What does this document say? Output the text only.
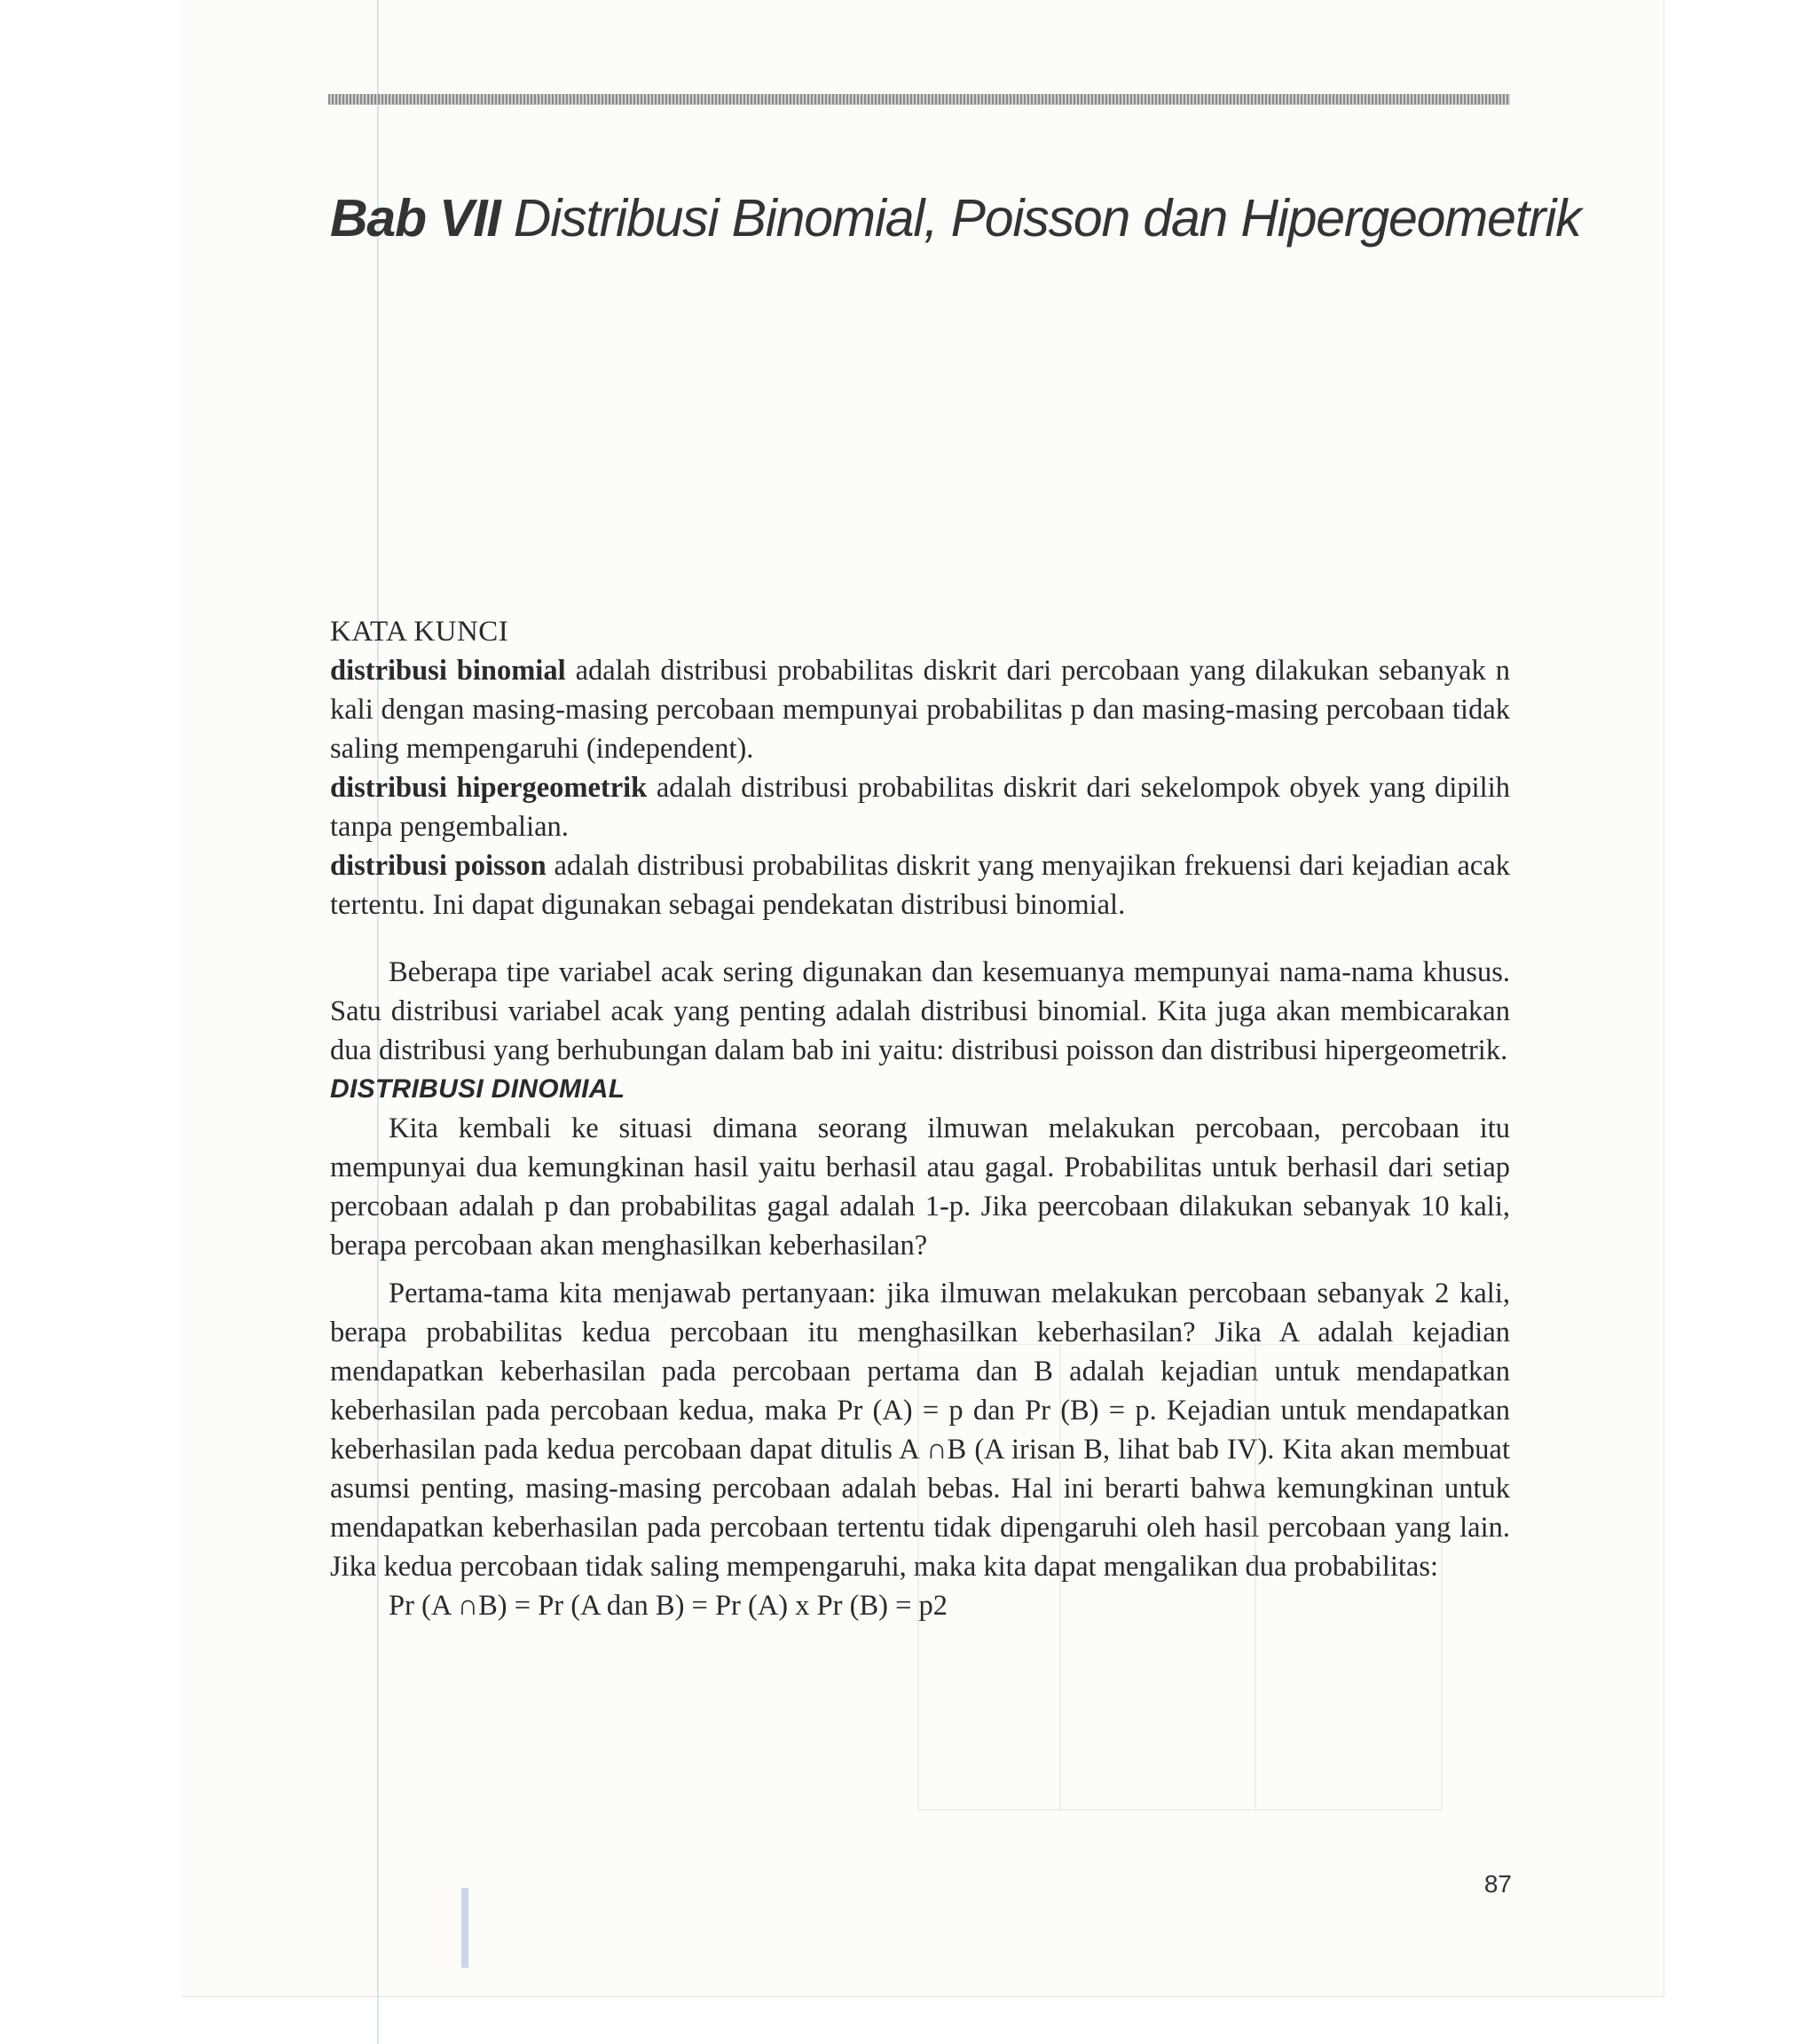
Bab VII Distribusi Binomial, Poisson dan Hipergeometrik

KATA KUNCI

distribusi binomial adalah distribusi probabilitas diskrit dari percobaan yang dilakukan sebanyak n kali dengan masing-masing percobaan mempunyai probabilitas p dan masing-masing percobaan tidak saling mempengaruhi (independent).

distribusi hipergeometrik adalah distribusi probabilitas diskrit dari sekelompok obyek yang dipilih tanpa pengembalian.

distribusi poisson adalah distribusi probabilitas diskrit yang menyajikan frekuensi dari kejadian acak tertentu. Ini dapat digunakan sebagai pendekatan distribusi binomial.

Beberapa tipe variabel acak sering digunakan dan kesemuanya mempunyai nama-nama khusus. Satu distribusi variabel acak yang penting adalah distribusi binomial. Kita juga akan membicarakan dua distribusi yang berhubungan dalam bab ini yaitu: distribusi poisson dan distribusi hipergeometrik.

DISTRIBUSI DINOMIAL

Kita kembali ke situasi dimana seorang ilmuwan melakukan percobaan, percobaan itu mempunyai dua kemungkinan hasil yaitu berhasil atau gagal. Probabilitas untuk berhasil dari setiap percobaan adalah p dan probabilitas gagal adalah 1-p. Jika peercobaan dilakukan sebanyak 10 kali, berapa percobaan akan menghasilkan keberhasilan?

Pertama-tama kita menjawab pertanyaan: jika ilmuwan melakukan percobaan sebanyak 2 kali, berapa probabilitas kedua percobaan itu menghasilkan keberhasilan? Jika A adalah kejadian mendapatkan keberhasilan pada percobaan pertama dan B adalah kejadian untuk mendapatkan keberhasilan pada percobaan kedua, maka Pr (A) = p dan Pr (B) = p. Kejadian untuk mendapatkan keberhasilan pada kedua percobaan dapat ditulis A ∩B (A irisan B, lihat bab IV). Kita akan membuat asumsi penting, masing-masing percobaan adalah bebas. Hal ini berarti bahwa kemungkinan untuk mendapatkan keberhasilan pada percobaan tertentu tidak dipengaruhi oleh hasil percobaan yang lain. Jika kedua percobaan tidak saling mempengaruhi, maka kita dapat mengalikan dua probabilitas:

Pr (A ∩B) = Pr (A dan B) = Pr (A) x Pr (B) = p2

87
